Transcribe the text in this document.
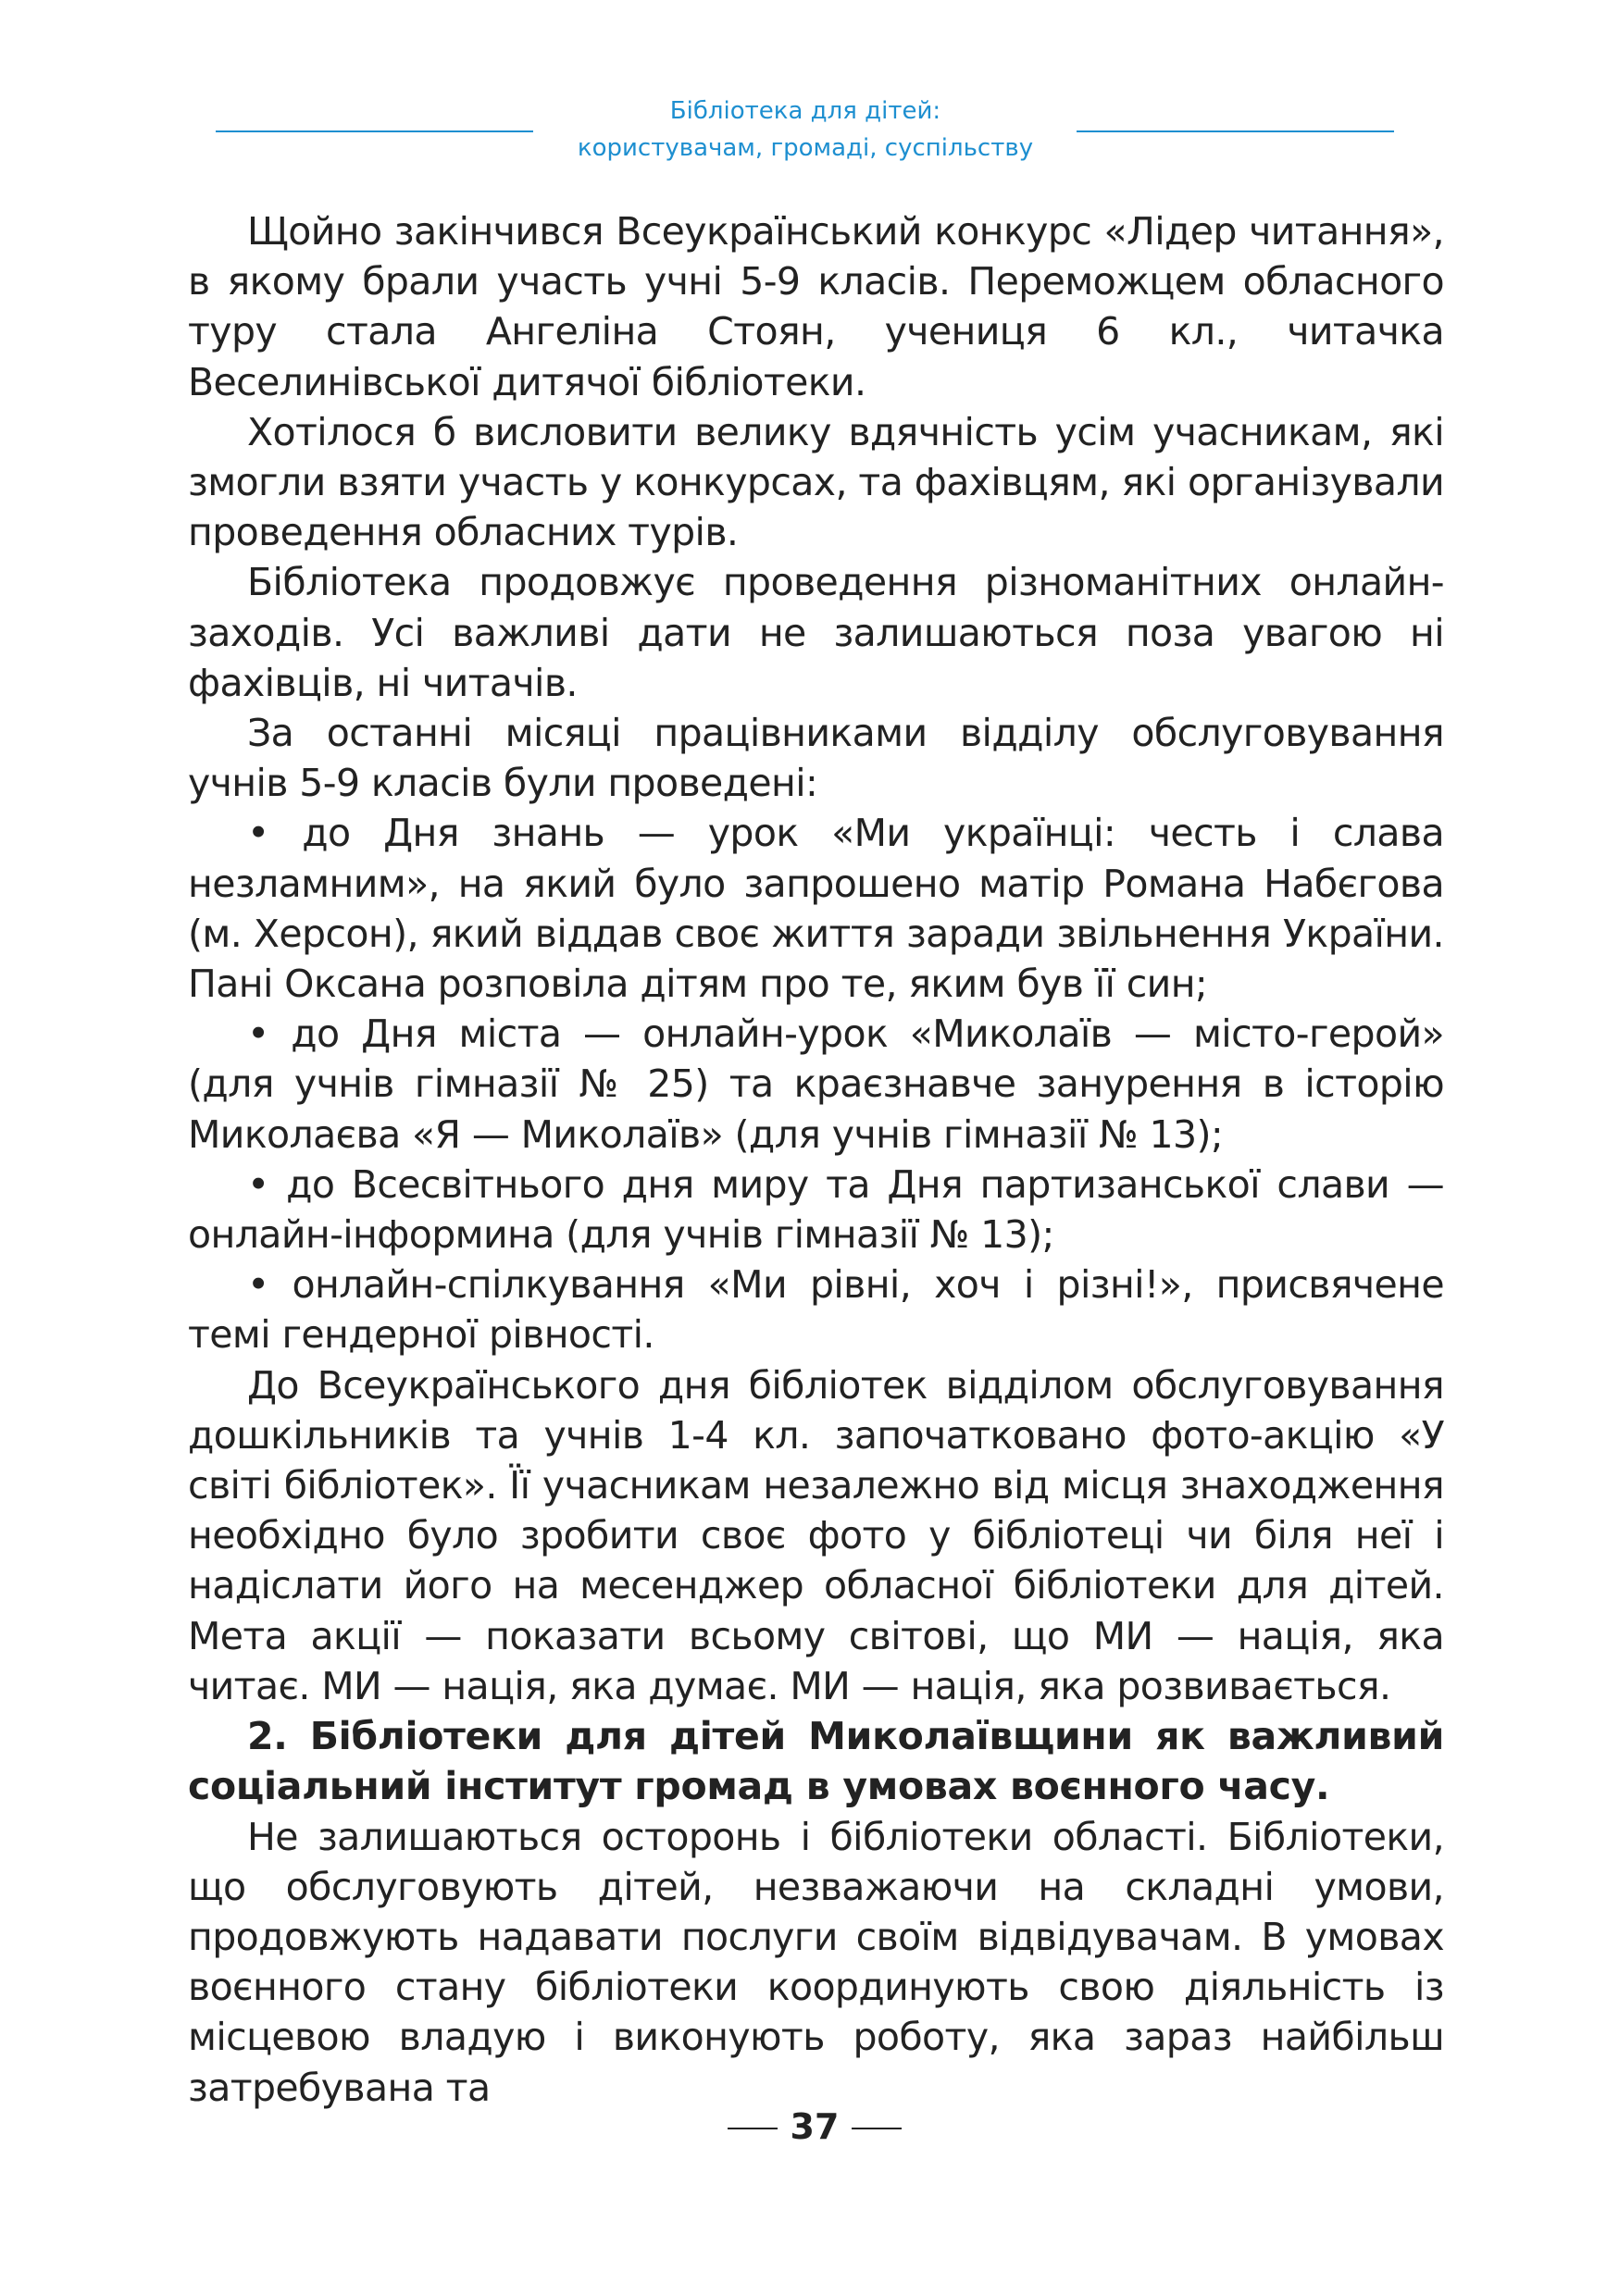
Бібліотека для дітей:
користувачам, громаді, суспільству

Щойно закінчився Всеукраїнський конкурс «Лідер читання», в якому брали участь учні 5-9 класів. Переможцем обласного туру стала Ангеліна Стоян, учениця 6 кл., читачка Веселинівської дитячої бібліотеки.

Хотілося б висловити велику вдячність усім учасникам, які змогли взяти участь у конкурсах, та фахівцям, які організували проведення обласних турів.

Бібліотека продовжує проведення різноманітних онлайн-заходів. Усі важливі дати не залишаються поза увагою ні фахівців, ні читачів.

За останні місяці працівниками відділу обслуговування учнів 5-9 класів були проведені:

• до Дня знань — урок «Ми українці: честь і слава незламним», на який було запрошено матір Романа Набєгова (м. Херсон), який віддав своє життя заради звільнення України. Пані Оксана розповіла дітям про те, яким був її син;

• до Дня міста — онлайн-урок «Миколаїв — місто-герой» (для учнів гімназії № 25) та краєзнавче занурення в історію Миколаєва «Я — Миколаїв» (для учнів гімназії № 13);

• до Всесвітнього дня миру та Дня партизанської слави — онлайн-інформина (для учнів гімназії № 13);

• онлайн-спілкування «Ми рівні, хоч і різні!», присвячене темі гендерної рівності.

До Всеукраїнського дня бібліотек відділом обслуговування дошкільників та учнів 1-4 кл. започатковано фото-акцію «У світі бібліотек». Її учасникам незалежно від місця знаходження необхідно було зробити своє фото у бібліотеці чи біля неї і надіслати його на месенджер обласної бібліотеки для дітей. Мета акції — показати всьому світові, що МИ — нація, яка читає. МИ — нація, яка думає. МИ — нація, яка розвивається.

2. Бібліотеки для дітей Миколаївщини як важливий соціальний інститут громад в умовах воєнного часу.

Не залишаються осторонь і бібліотеки області. Бібліотеки, що обслуговують дітей, незважаючи на складні умови, продовжують надавати послуги своїм відвідувачам. В умовах воєнного стану бібліотеки координують свою діяльність із місцевою владую і виконують роботу, яка зараз найбільш затребувана та

37
